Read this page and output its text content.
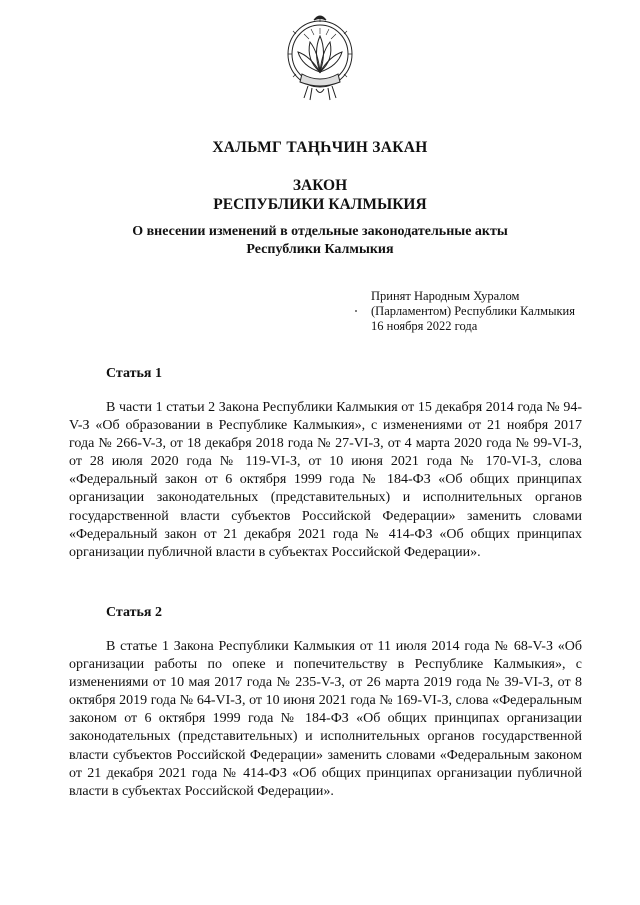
ХАЛЬМГ ТАҢҺЧИН ЗАКАН
ЗАКОН
РЕСПУБЛИКИ КАЛМЫКИЯ
О внесении изменений в отдельные законодательные акты
Республики Калмыкия
Принят Народным Хуралом
(Парламентом) Республики Калмыкия
16 ноября 2022 года
Статья 1
В части 1 статьи 2 Закона Республики Калмыкия от 15 декабря 2014 года № 94-V-З «Об образовании в Республике Калмыкия», с изменениями от 21 ноября 2017 года № 266-V-З, от 18 декабря 2018 года № 27-VI-З, от 4 марта 2020 года № 99-VI-З, от 28 июля 2020 года № 119-VI-З, от 10 июня 2021 года № 170-VI-З, слова «Федеральный закон от 6 октября 1999 года № 184-ФЗ «Об общих принципах организации законодательных (представительных) и исполнительных органов государственной власти субъектов Российской Федерации» заменить словами «Федеральный закон от 21 декабря 2021 года № 414-ФЗ «Об общих принципах организации публичной власти в субъектах Российской Федерации».
Статья 2
В статье 1 Закона Республики Калмыкия от 11 июля 2014 года № 68-V-З «Об организации работы по опеке и попечительству в Республике Калмыкия», с изменениями от 10 мая 2017 года № 235-V-З, от 26 марта 2019 года № 39-VI-З, от 8 октября 2019 года № 64-VI-З, от 10 июня 2021 года № 169-VI-З, слова «Федеральным законом от 6 октября 1999 года № 184-ФЗ «Об общих принципах организации законодательных (представительных) и исполнительных органов государственной власти субъектов Российской Федерации» заменить словами «Федеральным законом от 21 декабря 2021 года № 414-ФЗ «Об общих принципах организации публичной власти в субъектах Российской Федерации».
